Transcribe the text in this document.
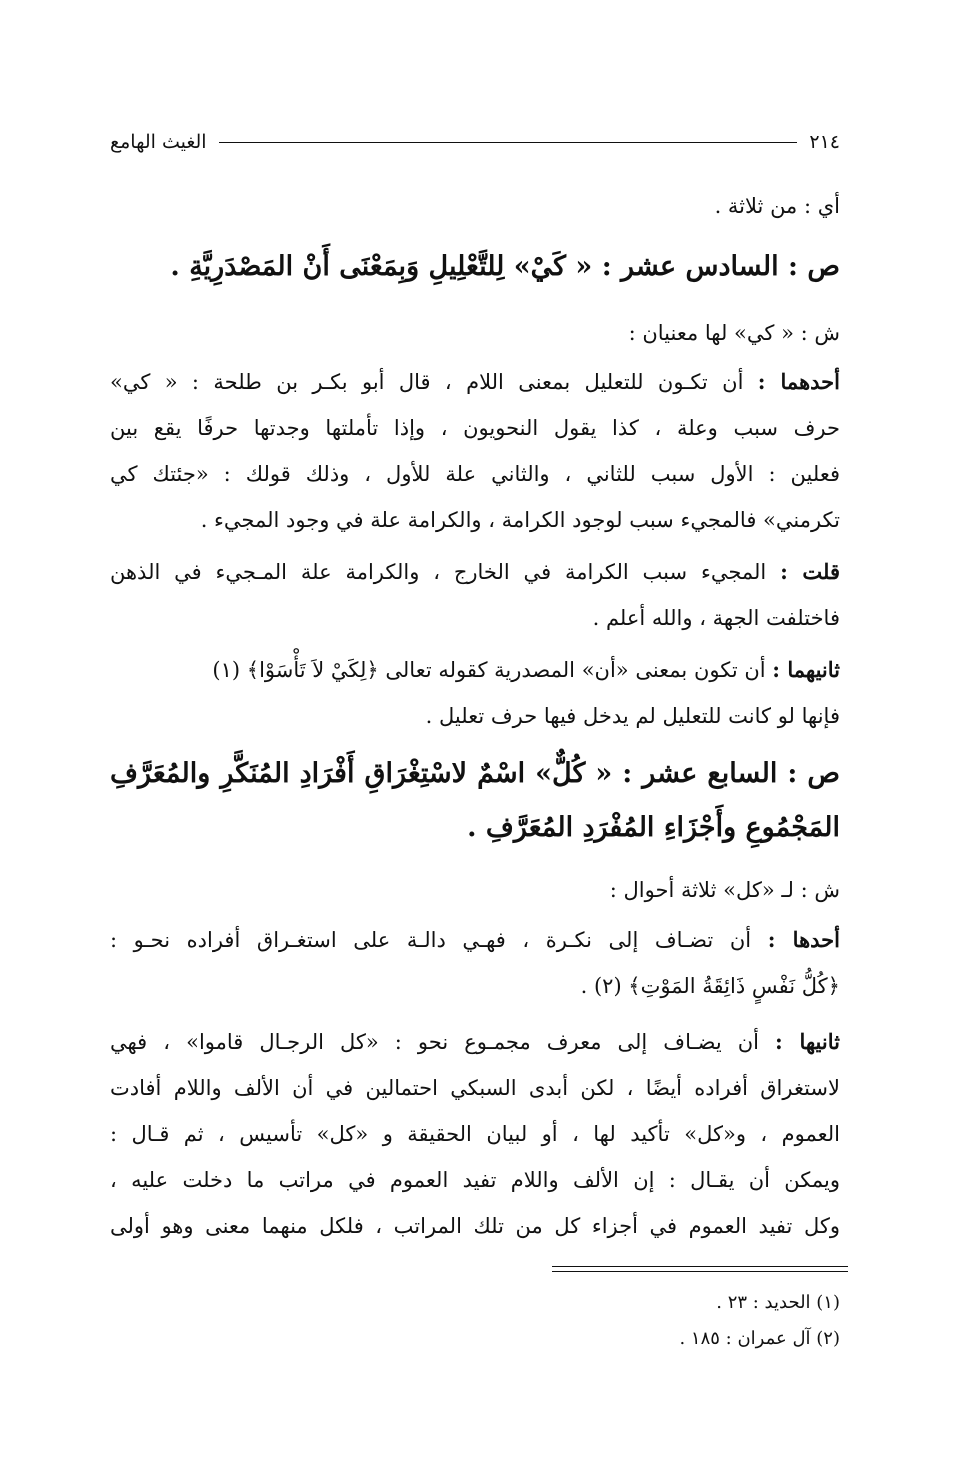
٢١٤
الغيث الهامع
أي : من ثلاثة .
ص : السادس عشر : « كَيْ» لِلتَّعْلِيلِ وَبِمَعْنَى أَنْ المَصْدَرِيَّةِ .
ش : « كي» لها معنيان :
أحدهما : أن تكـون للتعليل بمعنى اللام ، قال أبو بكـر بن طلحة : « كي»
حرف سبب وعلة ، كذا يقول النحويون ، وإذا تأملتها وجدتها حرفًا يقع بين
فعلين : الأول سبب للثاني ، والثاني علة للأول ، وذلك قولك : «جئتك كي
تكرمني» فالمجيء سبب لوجود الكرامة ، والكرامة علة في وجود المجيء .
قلت : المجيء سبب الكرامة في الخارج ، والكرامة علة المـجيء في الذهن
فاختلفت الجهة ، والله أعلم .
ثانيهما : أن تكون بمعنى «أن» المصدرية كقوله تعالى ﴿لِكَيْ لاَ تَأْسَوْا﴾ (١)
فإنها لو كانت للتعليل لم يدخل فيها حرف تعليل .
ص : السابع عشر : « كُلٌّ» اسْمٌ لاسْتِغْرَاقِ أَفْرَادِ المُنَكَّرِ والمُعَرَّفِ
المَجْمُوعِ وأَجْزَاءِ المُفْرَدِ المُعَرَّفِ .
ش : لـ «كل» ثلاثة أحوال :
أحدها : أن تضـاف إلى نكـرة ، فهـي دالـة على استغـراق أفراده نحـو :
﴿كُلُّ نَفْسٍ ذَائِقَةُ المَوْتِ﴾ (٢) .
ثانيها : أن يضـاف إلى معرف مجمـوع نحو : «كل الرجـال قاموا» ، فهي
لاستغراق أفراده أيضًا ، لكن أبدى السبكي احتمالين في أن الألف واللام أفادت
العموم ، و«كل» تأكيد لها ، أو لبيان الحقيقة و «كل» تأسيس ، ثم قـال :
ويمكن أن يقـال : إن الألف واللام تفيد العموم في مراتب ما دخلت عليه ،
وكل تفيد العموم في أجزاء كل من تلك المراتب ، فلكل منهما معنى وهو أولى
(١) الحديد : ٢٣ .
(٢) آل عمران : ١٨٥ .
